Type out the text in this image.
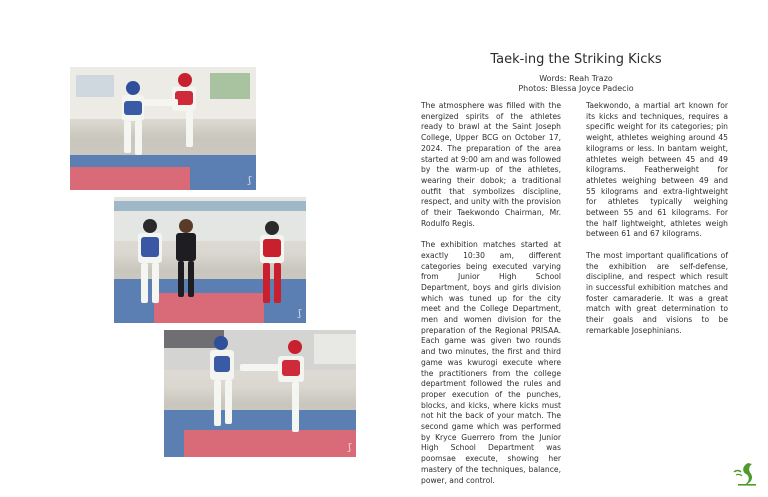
ʃ
ʃ
ʃ
Taek-ing the Striking Kicks
Words: Reah Trazo
Photos: Blessa Joyce Padecio

The atmosphere was filled with the energized spirits of the athletes ready to brawl at the Saint Joseph College, Upper BCG on October 17, 2024. The preparation of the area started at 9:00 am and was followed by the warm-up of the athletes, wearing their dobok; a traditional outfit that symbolizes discipline, respect, and unity with the provision of their Taekwondo Chairman, Mr. Rodulfo Regis.

The exhibition matches started at exactly 10:30 am, different categories being executed varying from Junior High School Department, boys and girls division which was tuned up for the city meet and the College Department, men and women division for the preparation of the Regional PRISAA. Each game was given two rounds and two minutes, the first and third game was kwurogi execute where the practitioners from the college department followed the rules and proper execution of the punches, blocks, and kicks, where kicks must not hit the back of your match. The second game which was performed by Kryce Guerrero from the Junior High School Department was poomsae execute, showing her mastery of the techniques, balance, power, and control.

Taekwondo, a martial art known for its kicks and techniques, requires a specific weight for its categories; pin weight, athletes weighing around 45 kilograms or less. In bantam weight, athletes weigh between 45 and 49 kilograms. Featherweight for athletes weighing between 49 and 55 kilograms and extra-lightweight for athletes typically weighing between 55 and 61 kilograms. For the half lightweight, athletes weigh between 61 and 67 kilograms.

The most important qualifications of the exhibition are self-defense, discipline, and respect which result in successful exhibition matches and foster camaraderie. It was a great match with great determination to their goals and visions to be remarkable Josephinians.
